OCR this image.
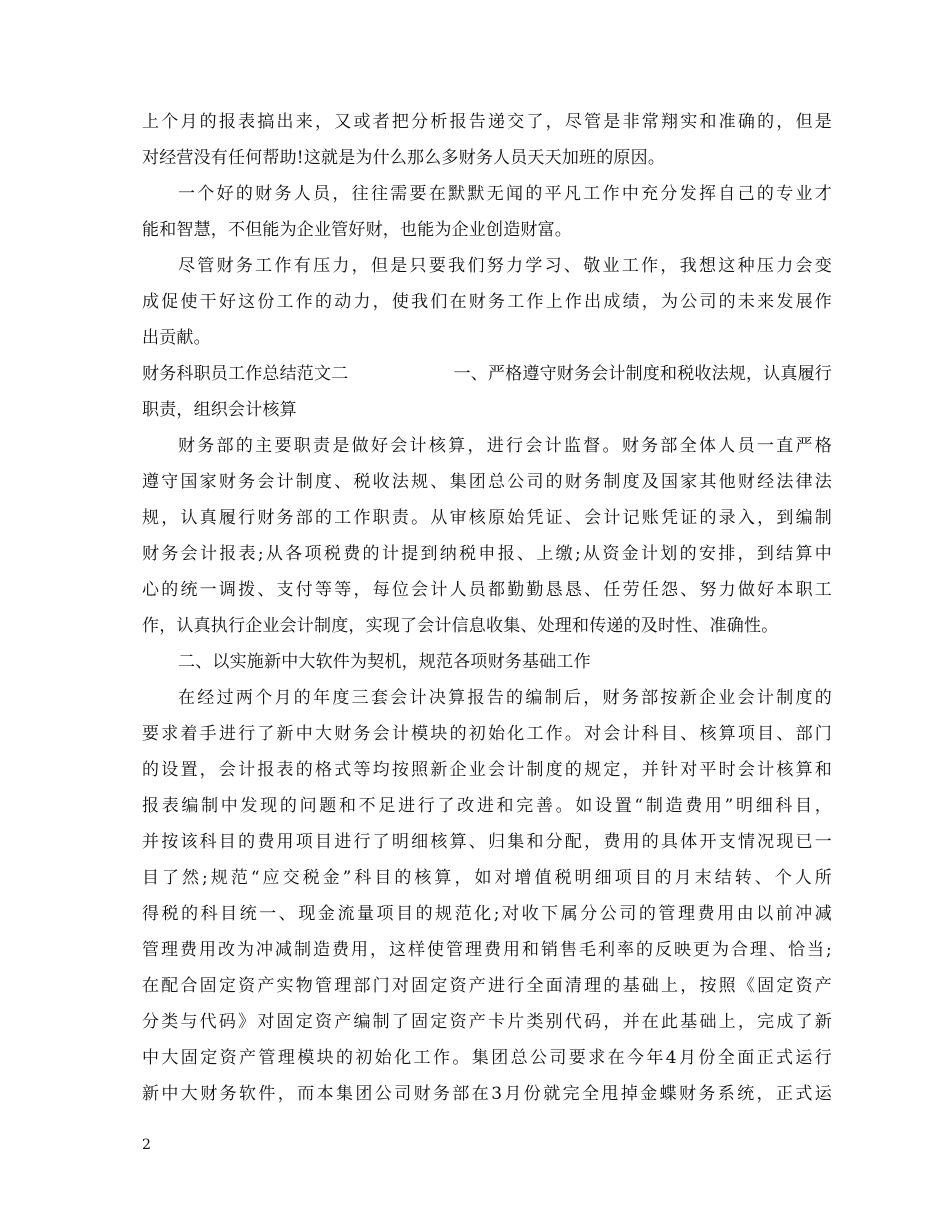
上个月的报表搞出来，又或者把分析报告递交了，尽管是非常翔实和准确的，但是
对经营没有任何帮助!这就是为什么那么多财务人员天天加班的原因。
一个好的财务人员，往往需要在默默无闻的平凡工作中充分发挥自己的专业才
能和智慧，不但能为企业管好财，也能为企业创造财富。
尽管财务工作有压力，但是只要我们努力学习、敬业工作，我想这种压力会变
成促使干好这份工作的动力，使我们在财务工作上作出成绩，为公司的未来发展作
出贡献。
财务科职员工作总结范文二	一、严格遵守财务会计制度和税收法规，认真履行
职责，组织会计核算
财务部的主要职责是做好会计核算，进行会计监督。财务部全体人员一直严格
遵守国家财务会计制度、税收法规、集团总公司的财务制度及国家其他财经法律法
规，认真履行财务部的工作职责。从审核原始凭证、会计记账凭证的录入，到编制
财务会计报表;从各项税费的计提到纳税申报、上缴;从资金计划的安排，到结算中
心的统一调拨、支付等等，每位会计人员都勤勤恳恳、任劳任怨、努力做好本职工
作，认真执行企业会计制度，实现了会计信息收集、处理和传递的及时性、准确性。
二、以实施新中大软件为契机，规范各项财务基础工作
在经过两个月的年度三套会计决算报告的编制后，财务部按新企业会计制度的
要求着手进行了新中大财务会计模块的初始化工作。对会计科目、核算项目、部门
的设置，会计报表的格式等均按照新企业会计制度的规定，并针对平时会计核算和
报表编制中发现的问题和不足进行了改进和完善。如设置“制造费用”明细科目，
并按该科目的费用项目进行了明细核算、归集和分配，费用的具体开支情况现已一
目了然;规范“应交税金”科目的核算，如对增值税明细项目的月末结转、个人所
得税的科目统一、现金流量项目的规范化;对收下属分公司的管理费用由以前冲减
管理费用改为冲减制造费用，这样使管理费用和销售毛利率的反映更为合理、恰当;
在配合固定资产实物管理部门对固定资产进行全面清理的基础上，按照《固定资产
分类与代码》对固定资产编制了固定资产卡片类别代码，并在此基础上，完成了新
中大固定资产管理模块的初始化工作。集团总公司要求在今年4月份全面正式运行
新中大财务软件，而本集团公司财务部在3月份就完全甩掉金蝶财务系统，正式运
2
